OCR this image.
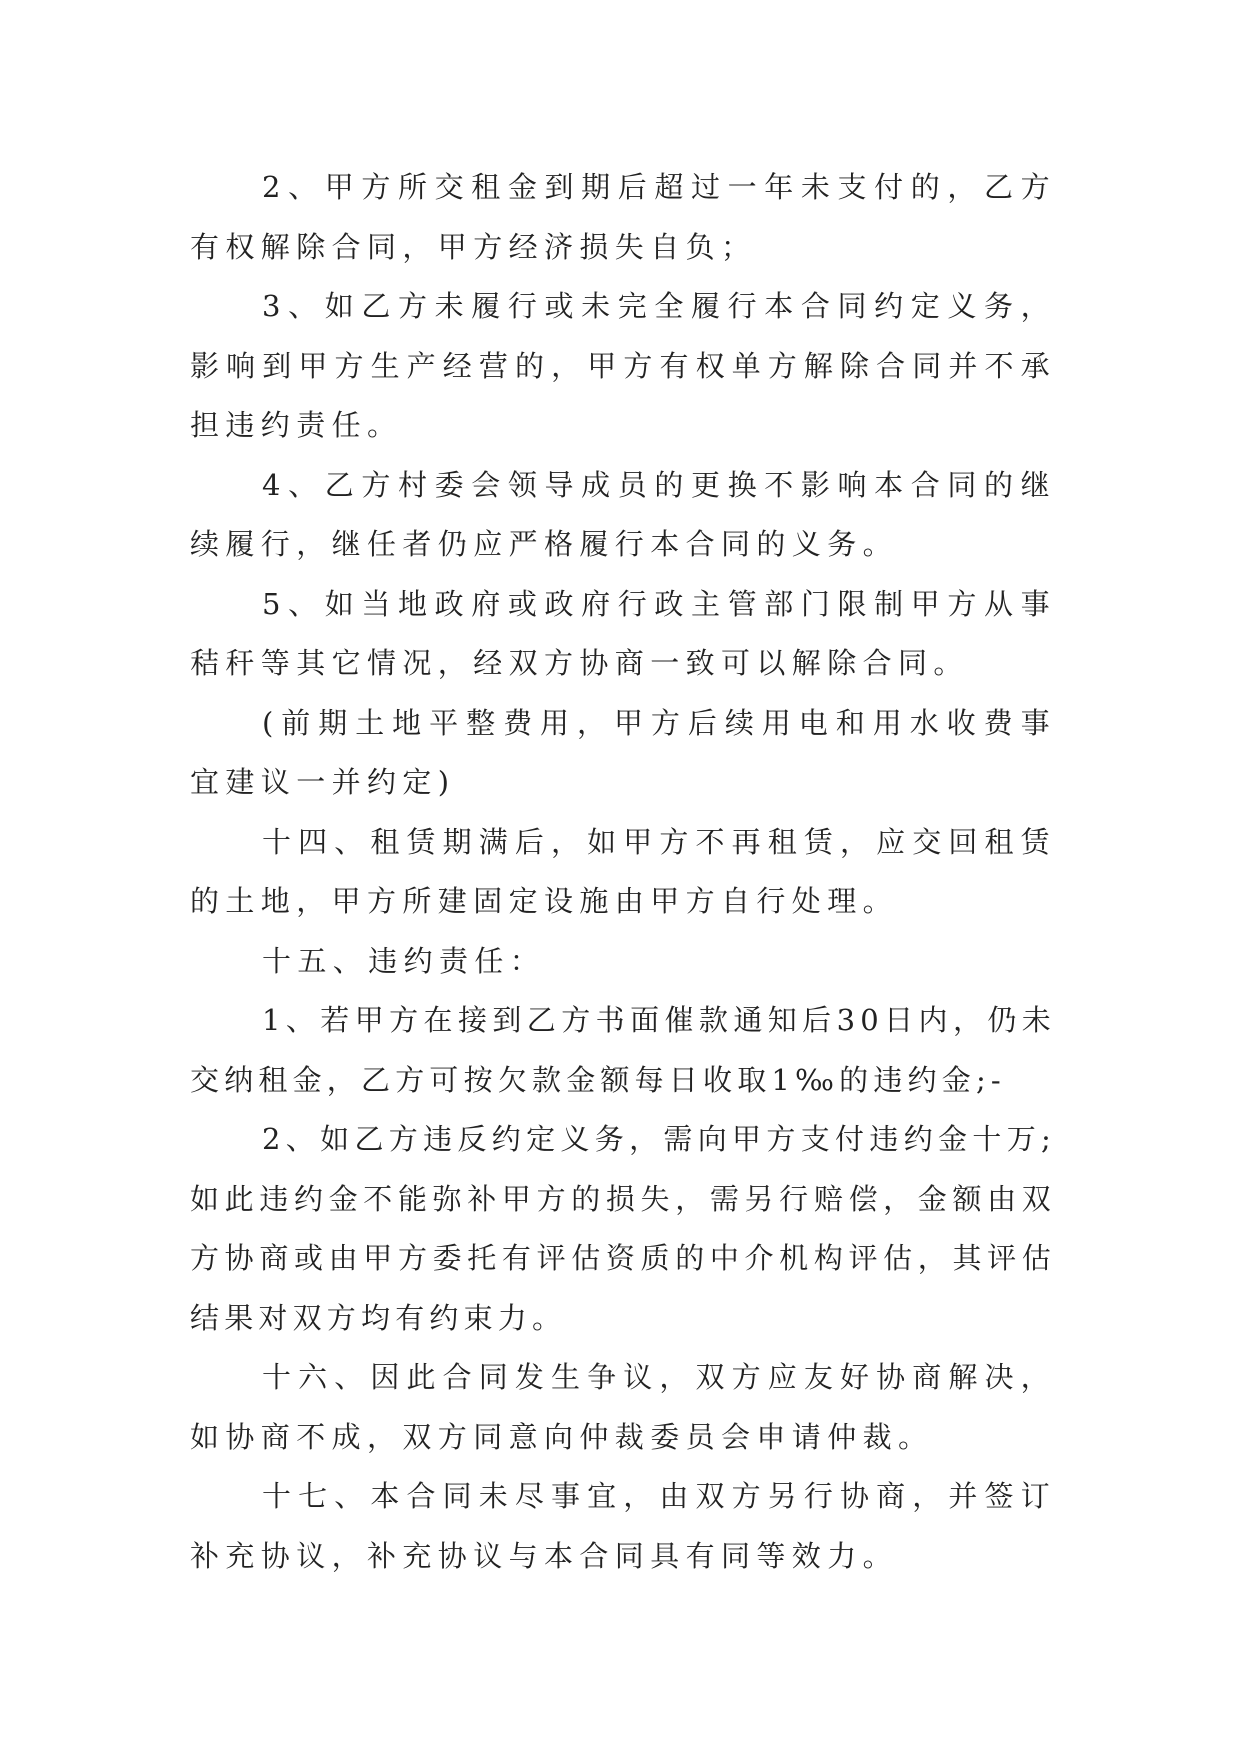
2、甲方所交租金到期后超过一年未支付的，乙方有权解除合同，甲方经济损失自负；

3、如乙方未履行或未完全履行本合同约定义务，影响到甲方生产经营的，甲方有权单方解除合同并不承担违约责任。

4、乙方村委会领导成员的更换不影响本合同的继续履行，继任者仍应严格履行本合同的义务。

5、如当地政府或政府行政主管部门限制甲方从事秸秆等其它情况，经双方协商一致可以解除合同。

(前期土地平整费用，甲方后续用电和用水收费事宜建议一并约定)

十四、租赁期满后，如甲方不再租赁，应交回租赁的土地，甲方所建固定设施由甲方自行处理。

十五、违约责任：

1、若甲方在接到乙方书面催款通知后30日内，仍未交纳租金，乙方可按欠款金额每日收取1‰的违约金;-

2、如乙方违反约定义务，需向甲方支付违约金十万;如此违约金不能弥补甲方的损失，需另行赔偿，金额由双方协商或由甲方委托有评估资质的中介机构评估，其评估结果对双方均有约束力。

十六、因此合同发生争议，双方应友好协商解决，如协商不成，双方同意向仲裁委员会申请仲裁。

十七、本合同未尽事宜，由双方另行协商，并签订补充协议，补充协议与本合同具有同等效力。
